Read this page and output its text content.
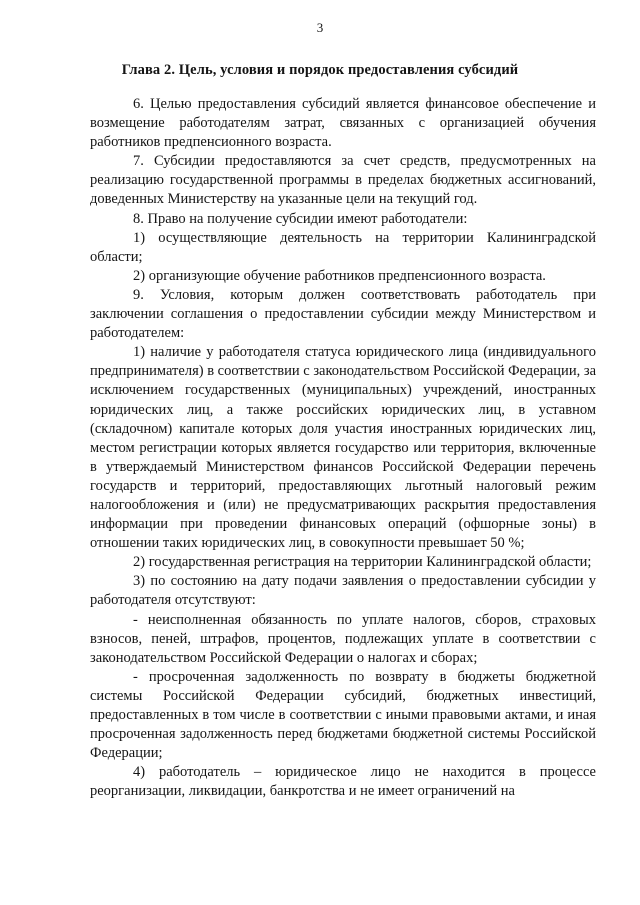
3
Глава 2. Цель, условия и порядок предоставления субсидий

6. Целью предоставления субсидий является финансовое обеспечение и возмещение работодателям затрат, связанных с организацией обучения работников предпенсионного возраста.

7. Субсидии предоставляются за счет средств, предусмотренных на реализацию государственной программы в пределах бюджетных ассигнований, доведенных Министерству на указанные цели на текущий год.

8. Право на получение субсидии имеют работодатели:

1) осуществляющие деятельность на территории Калининградской области;

2) организующие обучение работников предпенсионного возраста.

9. Условия, которым должен соответствовать работодатель при заключении соглашения о предоставлении субсидии между Министерством и работодателем:

1) наличие у работодателя статуса юридического лица (индивидуального предпринимателя) в соответствии с законодательством Российской Федерации, за исключением государственных (муниципальных) учреждений, иностранных юридических лиц, а также российских юридических лиц, в уставном (складочном) капитале которых доля участия иностранных юридических лиц, местом регистрации которых является государство или территория, включенные в утверждаемый Министерством финансов Российской Федерации перечень государств и территорий, предоставляющих льготный налоговый режим налогообложения и (или) не предусматривающих раскрытия предоставления информации при проведении финансовых операций (офшорные зоны) в отношении таких юридических лиц, в совокупности превышает 50 %;

2) государственная регистрация на территории Калининградской области;

3) по состоянию на дату подачи заявления о предоставлении субсидии у работодателя отсутствуют:

- неисполненная обязанность по уплате налогов, сборов, страховых взносов, пеней, штрафов, процентов, подлежащих уплате в соответствии с законодательством Российской Федерации о налогах и сборах;

- просроченная задолженность по возврату в бюджеты бюджетной системы Российской Федерации субсидий, бюджетных инвестиций, предоставленных в том числе в соответствии с иными правовыми актами, и иная просроченная задолженность перед бюджетами бюджетной системы Российской Федерации;

4) работодатель – юридическое лицо не находится в процессе реорганизации, ликвидации, банкротства и не имеет ограничений на
